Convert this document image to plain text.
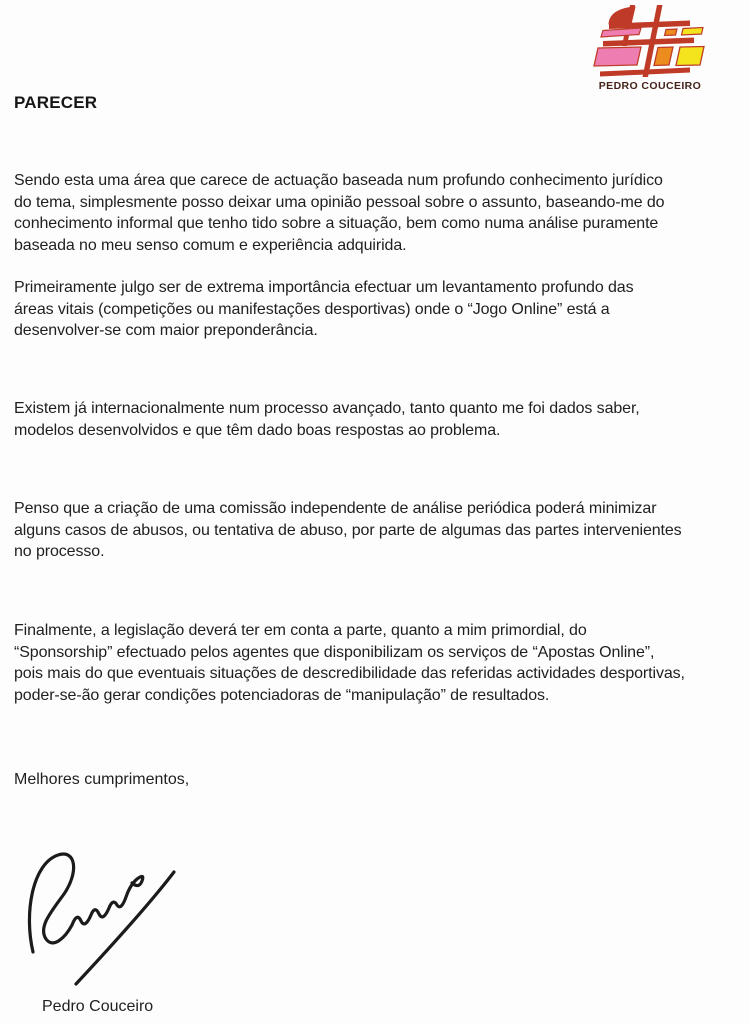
PEDRO COUCEIRO
PARECER
Sendo esta uma área que carece de actuação baseada num profundo conhecimento jurídico
do tema, simplesmente posso deixar uma opinião pessoal sobre o assunto, baseando-me do
conhecimento informal que tenho tido sobre a situação, bem como numa análise puramente
baseada no meu senso comum e experiência adquirida.
Primeiramente julgo ser de extrema importância efectuar um levantamento profundo das
áreas vitais (competições ou manifestações desportivas) onde o “Jogo Online” está a
desenvolver-se com maior preponderância.
Existem já internacionalmente num processo avançado, tanto quanto me foi dados saber,
modelos desenvolvidos e que têm dado boas respostas ao problema.
Penso que a criação de uma comissão independente de análise periódica poderá minimizar
alguns casos de abusos, ou tentativa de abuso, por parte de algumas das partes intervenientes
no processo.
Finalmente, a legislação deverá ter em conta a parte, quanto a mim primordial, do
“Sponsorship” efectuado pelos agentes que disponibilizam os serviços de “Apostas Online”,
pois mais do que eventuais situações de descredibilidade das referidas actividades desportivas,
poder-se-ão gerar condições potenciadoras de “manipulação” de resultados.
Melhores cumprimentos,
Pedro Couceiro
